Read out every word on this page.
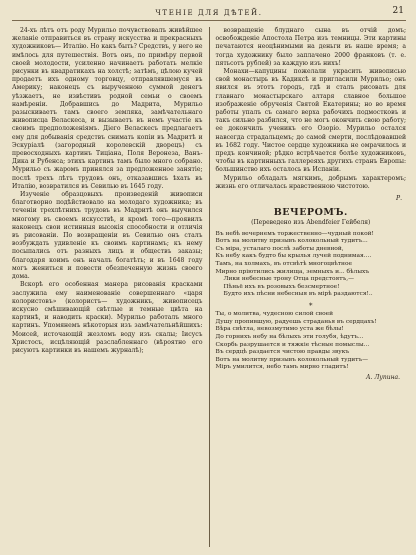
ЧТЕНІЕ ДЛЯ ДѢТЕЙ.	21

24-хъ лѣтъ отъ роду Мурильо почувствовалъ живѣйшее желаніе отправиться въ страну искусства и прекрасныхъ художниковъ— Италію. Но какъ быть? Средствъ, у него не имѣлось для путешествія. Вотъ онъ, по примѣру первой своей молодости, усиленно начинаетъ работать мелкіе рисунки въ квадратикахъ на холстѣ; затѣмъ, цѣлою кучей продаетъ ихъ одному торговцу, отправлявшемуся въ Америку; наконецъ съ вырученною суммой денегъ уѣзжаетъ, не извѣстивъ родной семьи о своемъ намѣреніи. Добравшись до Мадрита, Мурильо разыскиваетъ тамъ своего земляка, замѣчательнаго живописца Веласкеса, и вызываетъ въ немъ участіе къ своимъ предположеніямъ. Діего Веласкесъ предлагаетъ ему для добыванія средствъ снимать копіи въ Мадритѣ и Эскуріалѣ (загородный королевскій дворецъ) съ превосходныхъ картинъ Тиціана, Поля Веронеза, Ванъ-Дика и Рубенса; этихъ картинъ тамъ было много собрано. Мурильо съ жаромъ принялся за предложенное занятіе; послѣ трехъ лѣтъ трудовъ онъ, отказавшись ѣхать въ Италію, возвратился въ Севилью въ 1645 году.

Изученіе образцовыхъ произведеній живописи благотворно подѣйствовало на молодаго художника; въ теченіи трехлѣтнихъ трудовъ въ Мадритѣ онъ выучился многому въ своемъ искусствѣ, и кромѣ того—проявилъ наконецъ свои истинныя высокія способности и отличія въ рисованіи. По возвращеніи въ Севилью онъ сталъ возбуждать удивленіе къ своимъ картинамъ; къ нему посыпались отъ разныхъ лицъ и обществъ заказы; благодаря коимъ онъ началъ богатѣть; и въ 1648 году могъ жениться и повести обезпеченную жизнь своего дома.

Вскорѣ его особенная манера рисованія красками заслужила ему наименованіе совершеннаго «царя колористовъ» (колористъ— художникъ, живописецъ искусно смѣшивающій свѣтлые и темные цвѣта на картинѣ, и наводить краски). Мурильо работалъ много картинъ. Упомянемъ нѣкоторыя изъ замѣчательнѣйшихъ: Моисей, источающій жезломъ воду изъ скалы; Іисусъ Христосъ, исцѣляющій разслабленнаго (вѣроятно его рисуютъ картинки въ нашемъ журналѣ);

возвращеніе блуднаго сына въ отчій домъ; освобожденіе Апостола Петра изъ темницы. Эти картины печатаются неоцѣнимыми на деньги въ наше время; а тогда художнику было заплачено 2000 франковъ (т. е. пятьсотъ рублей) за каждую изъ нихъ!

Монахи—капуцины пожелали украсить живописью свой монастырь въ Кадиксѣ и пригласили Мурильо; онъ явился въ этотъ городъ, гдѣ и сталъ рисовать для главнаго монастырскаго алтаря славное большое изображеніе обрученія Святой Екатерины; но во время работы упалъ съ самаго верха рабочихъ подмостковъ и такъ сильно разбился, что не могъ окончить свою работу; ее докончилъ ученикъ его Озоріо. Мурильо остался навсегда страдальцемъ; до самой смерти, послѣдовавшей въ 1682 году. Чистое сердце художника не омрачилось и предъ кончиной; рѣдко встрѣчается болѣе художниковъ, чтобы въ картинныхъ галлереяхъ другихъ странъ Европы: большинство ихъ осталось въ Испаніи.

Мурильо обладалъ мягкимъ, добрымъ характеромъ; жизнь его отличалась нравственною чистотою.

Р.
ВЕЧЕРОМЪ.
(Переведено изъ Abendfeier Гейбеля)
Въ небѣ вечернемъ торжественно—чудный покой!
Вотъ на молитву призывъ колокольный тудитъ...
Съ міра, усталаго послѣ заботы дневной,
Къ небу какъ будто бы крылья лучей поднимая....
Тамъ, на холмахъ, въ отсвѣтѣ многоцвѣтное
Мирно пріютились жилища, земныхъ и... бѣлыхъ
Лики небесные трону Отца предстоятъ,—
Пѣньё ихъ въ розовыхъ безсмертное!
Будто ихъ пѣсни небесныя въ мірѣ раздаются!..
*
Ты, о молитва, чудесною силой своей
Душу пропившую, радуешь страданья въ сердцахъ!
Вѣра свѣтла, невозмутимо уста же бѣлы!
До горнихъ небу на бѣлыхъ эти голубя, ѣдутъ...
Скорбь разрушается и тяжкіе тѣсные помыслы...
Въ сердцѣ раздается чистою правды звукъ
Вотъ на молитву призывъ колокольный тудитъ—
Міръ умилится, небо тамъ мирно гладитъ!
А. Лупина.
